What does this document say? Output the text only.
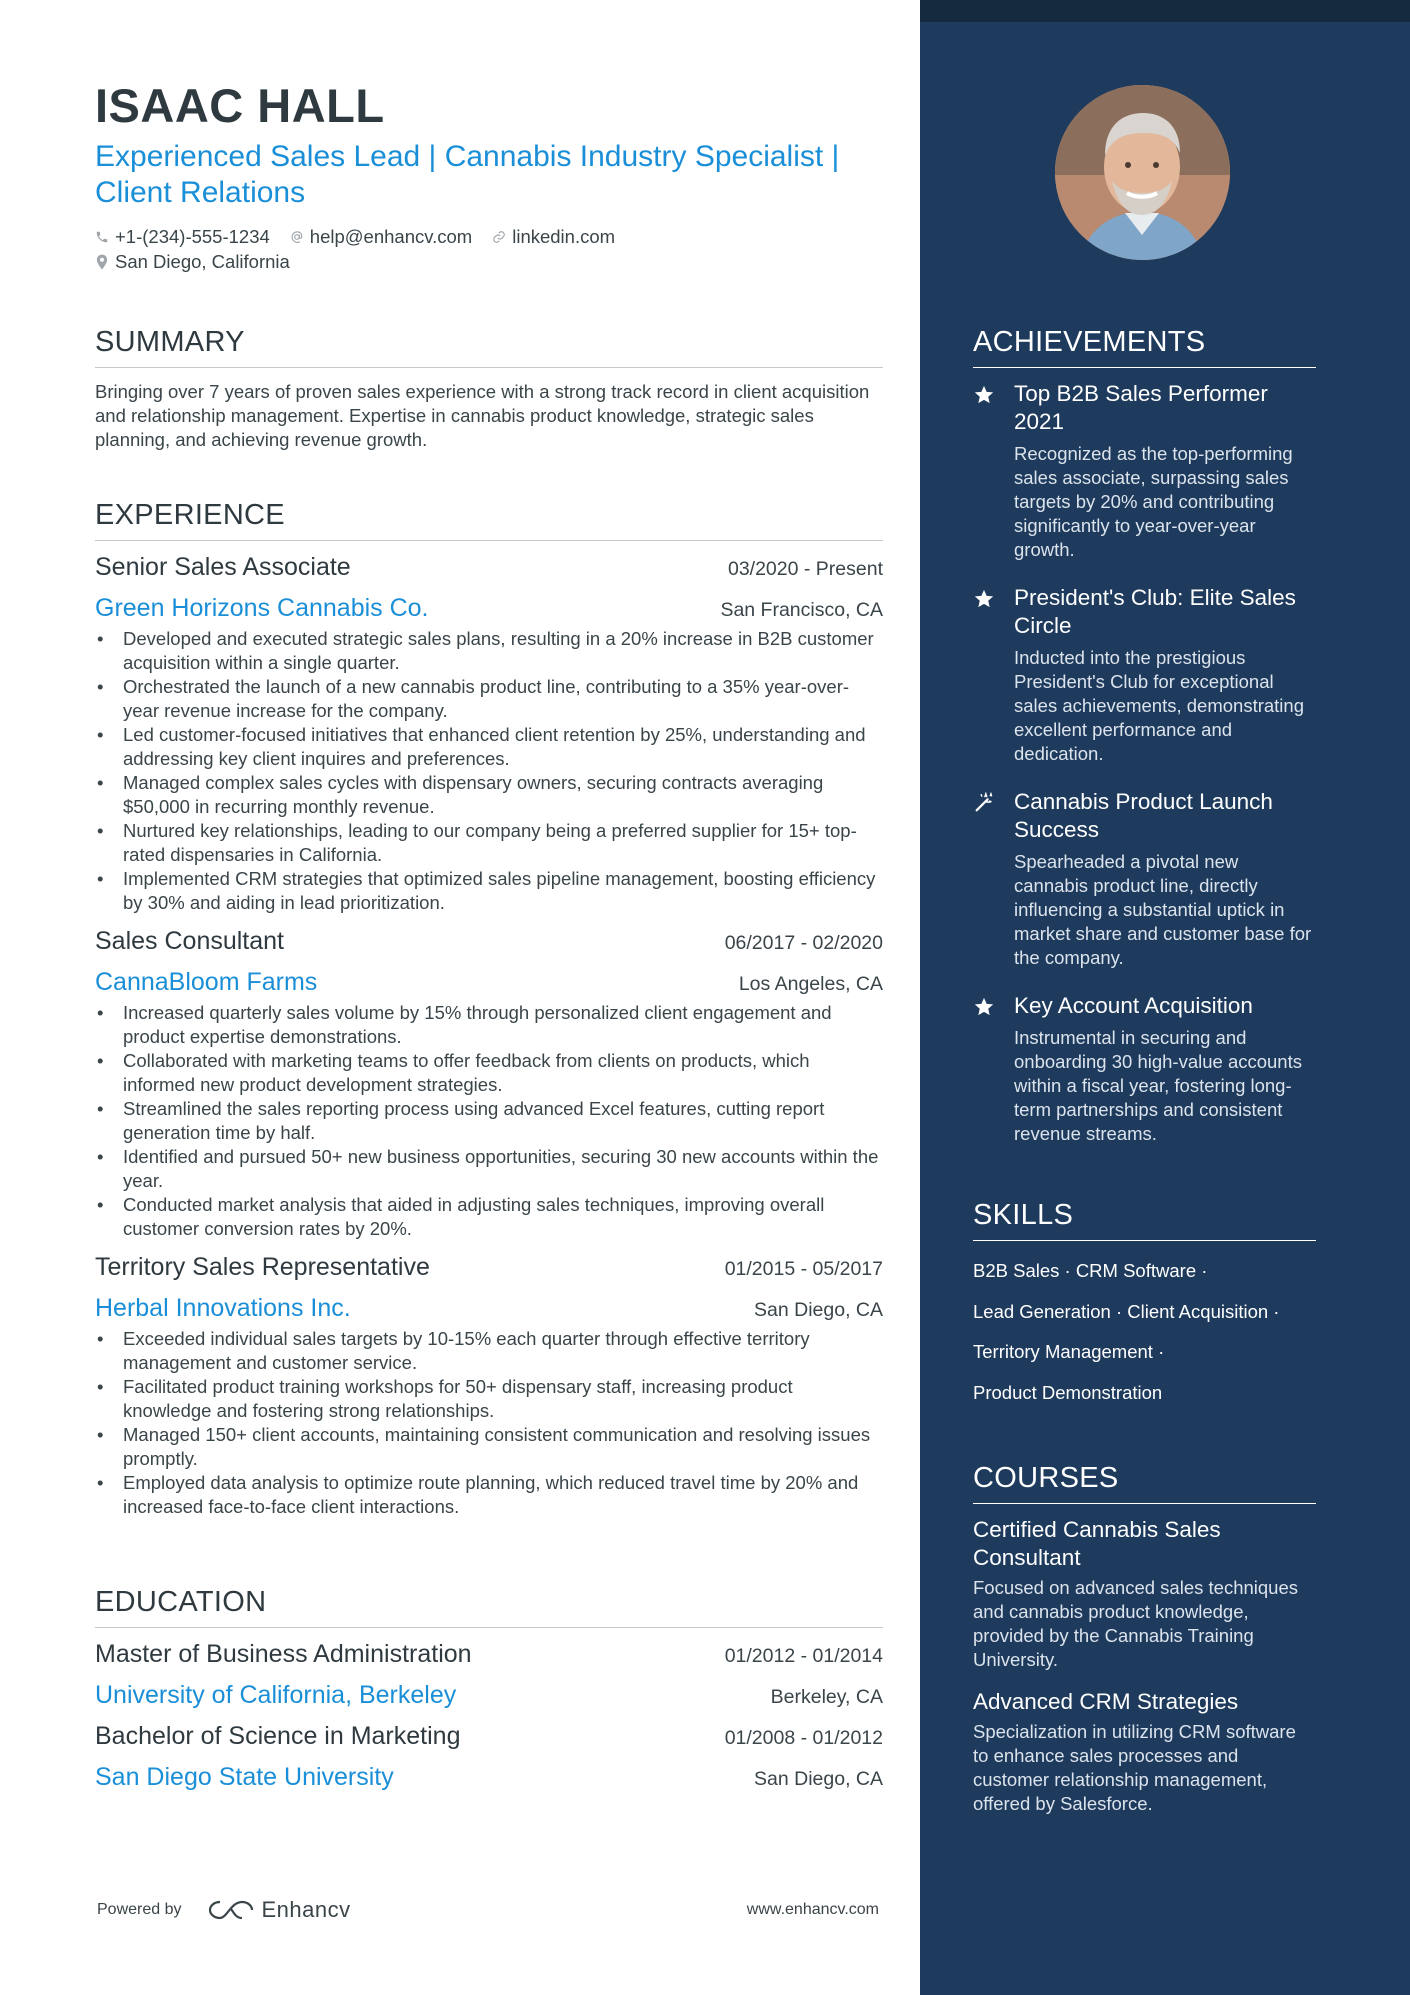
ISAAC HALL
Experienced Sales Lead | Cannabis Industry Specialist | Client Relations
+1-(234)-555-1234 help@enhancv.com linkedin.com
San Diego, California
SUMMARY

Bringing over 7 years of proven sales experience with a strong track record in client acquisition and relationship management. Expertise in cannabis product knowledge, strategic sales planning, and achieving revenue growth.

EXPERIENCE
Senior Sales Associate	03/2020 - Present
Green Horizons Cannabis Co.	San Francisco, CA
• Developed and executed strategic sales plans, resulting in a 20% increase in B2B customer acquisition within a single quarter.
• Orchestrated the launch of a new cannabis product line, contributing to a 35% year-over-year revenue increase for the company.
• Led customer-focused initiatives that enhanced client retention by 25%, understanding and addressing key client inquires and preferences.
• Managed complex sales cycles with dispensary owners, securing contracts averaging $50,000 in recurring monthly revenue.
• Nurtured key relationships, leading to our company being a preferred supplier for 15+ top-rated dispensaries in California.
• Implemented CRM strategies that optimized sales pipeline management, boosting efficiency by 30% and aiding in lead prioritization.
Sales Consultant	06/2017 - 02/2020
CannaBloom Farms	Los Angeles, CA
• Increased quarterly sales volume by 15% through personalized client engagement and product expertise demonstrations.
• Collaborated with marketing teams to offer feedback from clients on products, which informed new product development strategies.
• Streamlined the sales reporting process using advanced Excel features, cutting report generation time by half.
• Identified and pursued 50+ new business opportunities, securing 30 new accounts within the year.
• Conducted market analysis that aided in adjusting sales techniques, improving overall customer conversion rates by 20%.
Territory Sales Representative	01/2015 - 05/2017
Herbal Innovations Inc.	San Diego, CA
• Exceeded individual sales targets by 10-15% each quarter through effective territory management and customer service.
• Facilitated product training workshops for 50+ dispensary staff, increasing product knowledge and fostering strong relationships.
• Managed 150+ client accounts, maintaining consistent communication and resolving issues promptly.
• Employed data analysis to optimize route planning, which reduced travel time by 20% and increased face-to-face client interactions.
EDUCATION
Master of Business Administration	01/2012 - 01/2014
University of California, Berkeley	Berkeley, CA
Bachelor of Science in Marketing	01/2008 - 01/2012
San Diego State University	San Diego, CA
Powered by	Enhancv	www.enhancv.com
ACHIEVEMENTS
Top B2B Sales Performer 2021
Recognized as the top-performing sales associate, surpassing sales targets by 20% and contributing significantly to year-over-year growth.
President's Club: Elite Sales Circle
Inducted into the prestigious President's Club for exceptional sales achievements, demonstrating excellent performance and dedication.
Cannabis Product Launch Success
Spearheaded a pivotal new cannabis product line, directly influencing a substantial uptick in market share and customer base for the company.
Key Account Acquisition
Instrumental in securing and onboarding 30 high-value accounts within a fiscal year, fostering long-term partnerships and consistent revenue streams.
SKILLS
B2B Sales · CRM Software ·
Lead Generation · Client Acquisition ·
Territory Management ·
Product Demonstration
COURSES
Certified Cannabis Sales Consultant
Focused on advanced sales techniques and cannabis product knowledge, provided by the Cannabis Training University.
Advanced CRM Strategies
Specialization in utilizing CRM software to enhance sales processes and customer relationship management, offered by Salesforce.
